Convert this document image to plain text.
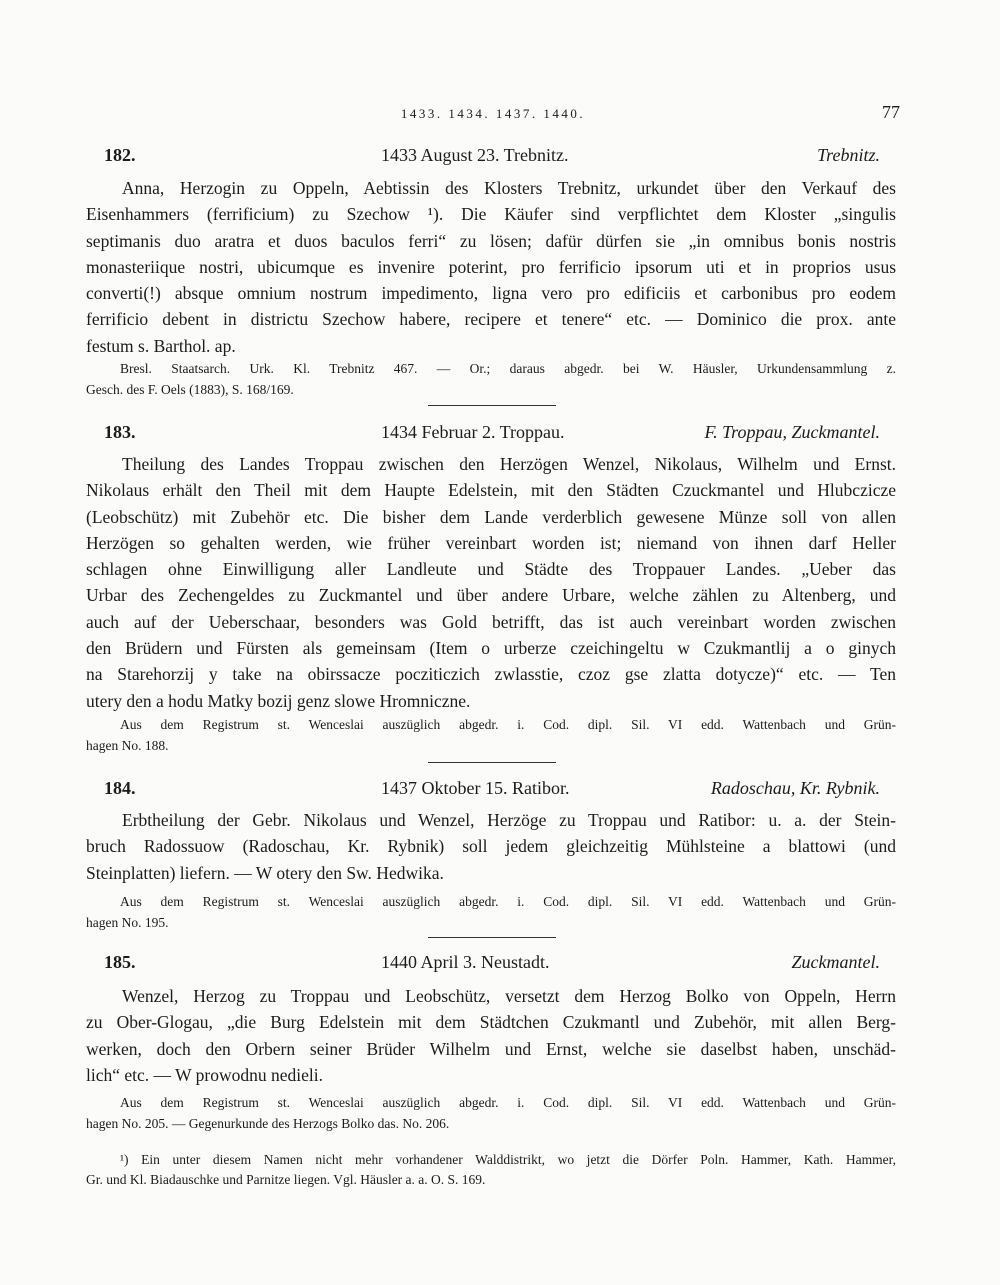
1433. 1434. 1437. 1440.	77
182.	1433 August 23. Trebnitz.	Trebnitz.
Anna, Herzogin zu Oppeln, Aebtissin des Klosters Trebnitz, urkundet über den Verkauf des
Eisenhammers (ferrificium) zu Szechow ¹). Die Käufer sind verpflichtet dem Kloster „singulis
septimanis duo aratra et duos baculos ferri“ zu lösen; dafür dürfen sie „in omnibus bonis nostris
monasteriique nostri, ubicumque es invenire poterint, pro ferrificio ipsorum uti et in proprios usus
converti(!) absque omnium nostrum impedimento, ligna vero pro edificiis et carbonibus pro eodem
ferrificio debent in districtu Szechow habere, recipere et tenere“ etc. — Dominico die prox. ante
festum s. Barthol. ap.
Bresl. Staatsarch. Urk. Kl. Trebnitz 467. — Or.; daraus abgedr. bei W. Häusler, Urkundensammlung z.
Gesch. des F. Oels (1883), S. 168/169.
183.	1434 Februar 2. Troppau.	F. Troppau, Zuckmantel.
Theilung des Landes Troppau zwischen den Herzögen Wenzel, Nikolaus, Wilhelm und Ernst.
Nikolaus erhält den Theil mit dem Haupte Edelstein, mit den Städten Czuckmantel und Hlubczicze
(Leobschütz) mit Zubehör etc. Die bisher dem Lande verderblich gewesene Münze soll von allen
Herzögen so gehalten werden, wie früher vereinbart worden ist; niemand von ihnen darf Heller
schlagen ohne Einwilligung aller Landleute und Städte des Troppauer Landes. „Ueber das
Urbar des Zechengeldes zu Zuckmantel und über andere Urbare, welche zählen zu Altenberg, und
auch auf der Ueberschaar, besonders was Gold betrifft, das ist auch vereinbart worden zwischen
den Brüdern und Fürsten als gemeinsam (Item o urberze czeichingeltu w Czukmantlij a o ginych
na Starehorzij y take na obirssacze pocziticzich zwlasstie, czoz gse zlatta dotycze)“ etc. — Ten
utery den a hodu Matky bozij genz slowe Hromniczne.
Aus dem Registrum st. Wenceslai auszüglich abgedr. i. Cod. dipl. Sil. VI edd. Wattenbach und Grün-
hagen No. 188.
184.	1437 Oktober 15. Ratibor.	Radoschau, Kr. Rybnik.
Erbtheilung der Gebr. Nikolaus und Wenzel, Herzöge zu Troppau und Ratibor: u. a. der Stein-
bruch Radossuow (Radoschau, Kr. Rybnik) soll jedem gleichzeitig Mühlsteine a blattowi (und
Steinplatten) liefern. — W otery den Sw. Hedwika.
Aus dem Registrum st. Wenceslai auszüglich abgedr. i. Cod. dipl. Sil. VI edd. Wattenbach und Grün-
hagen No. 195.
185.	1440 April 3. Neustadt.	Zuckmantel.
Wenzel, Herzog zu Troppau und Leobschütz, versetzt dem Herzog Bolko von Oppeln, Herrn
zu Ober-Glogau, „die Burg Edelstein mit dem Städtchen Czukmantl und Zubehör, mit allen Berg-
werken, doch den Orbern seiner Brüder Wilhelm und Ernst, welche sie daselbst haben, unschäd-
lich“ etc. — W prowodnu nedieli.
Aus dem Registrum st. Wenceslai auszüglich abgedr. i. Cod. dipl. Sil. VI edd. Wattenbach und Grün-
hagen No. 205. — Gegenurkunde des Herzogs Bolko das. No. 206.
¹) Ein unter diesem Namen nicht mehr vorhandener Walddistrikt, wo jetzt die Dörfer Poln. Hammer, Kath. Hammer,
Gr. und Kl. Biadauschke und Parnitze liegen. Vgl. Häusler a. a. O. S. 169.
